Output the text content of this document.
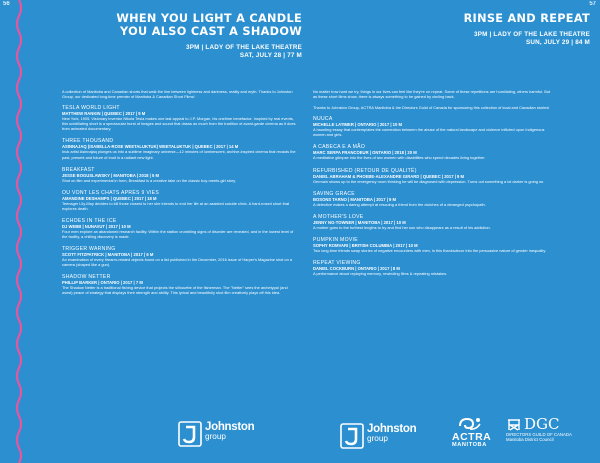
56	57
WHEN YOU LIGHT A CANDLE
YOU ALSO CAST A SHADOW
3PM | LADY OF THE LAKE THEATRE
SAT, JULY 28 | 77 M
RINSE AND REPEAT
3PM | LADY OF THE LAKE THEATRE
SUN, JULY 29 | 84 M

A collection of Manitoba and Canadian shorts that walk the line between lightness and darkness, reality and myth. Thanks to Johnston Group, our dedicated long-time premier of Manitoba & Canadian Short Films!

TESLA WORLD LIGHT
MATTHEW RANKIN | QUEBEC | 2017 | 9 M
New York, 1905. Visionary inventor Nikola Tesla makes one last appeal to J.P. Morgan, his onetime benefactor. Inspired by real events, this scintillating short is a spectacular burst of images and sound that draws as much from the tradition of avant-garde cinema as it does from animated documentary.
THREE THOUSAND
ASINNAJAQ (ISABELLA-ROSE WEETALUKTUK) WEETALUKTUK | QUEBEC | 2017 | 14 M
Inuk artist Asinnajaq plunges us into a sublime imaginary universe—12 minutes of luminescent, archive-inspired cinema that recasts the past, present and future of Inuit in a radiant new light.
BREAKFAST
JESSE BOGUSLAWSKY | MANITOBA | 2018 | 5 M
Shot on film and experimental in form, Breakfast is a creative take on the classic boy-meets-girl story.
OU VONT LES CHATS APRÈS 9 VIES
AMANDINE DESHAMPS | QUEBEC | 2017 | 18 M
Teenager Lily-May decides to kill those closest to her she intends to end her life at an assisted suicide clinic. A hard-nosed short that explores death.
ECHOES IN THE ICE
DJ WEBB | NUNAVUT | 2017 | 10 M
Four men explore an abandoned research facility. Within the station crumbling signs of disorder are revealed, and in the lowest level of the facility, a chilling discovery is made.
TRIGGER WARNING
SCOTT FITZPATRICK | MANITOBA | 2017 | 6 M
An examination of every firearm-related objects found on a list published in the December, 2016 issue of Harper's Magazine shot on a camera (shaped like a gun).
SHADOW NETTER
PHILLIP BARKER | ONTARIO | 2017 | 7 M
The Shadow Netter is a traditional fishing device that projects the silhouette of the fisherman. The "Netter" sees the archetypal (and worst) peace of strategy that displays their strength and ability. This lyrical and beautifully shot film creatively plays off this idea.

No matter how hard we try, things in our lives can feel like they're on repeat. Some of these repetitions are humiliating, others harmful. But as these short films show, there is always something to be gained by circling back.

Thanks to Johnston Group, ACTRA Manitoba & the Directors Guild of Canada for sponsoring this collection of local and Canadian stories!

NUUCA
MICHELLE LATIMER | ONTARIO | 2017 | 10 M
A haunting essay that contemplates the connection between the abuse of the natural landscape and violence inflicted upon Indigenous women and girls.
A CABECA E A MÃO
MARC SERPA FRANCOEUR | ONTARIO | 2018 | 20 M
A meditative glimpse into the lives of two women with disabilities who spend decades living together.
REFURBISHED (RETOUR DE QUALITÉ)
DANIEL ABRAHAM & PHOEBE-ALEXANDRE GIRARD | QUEBEC | 2017 | 9 M
Germain shows up to the emergency room thinking he will be diagnosed with depression. Turns out something a lot darker is going on.
SAVING GRACE
BOSONS TARNO | MANITOBA | 2017 | 9 M
A detective makes a daring attempt at rescuing a friend from the clutches of a deranged psychopath.
A MOTHER'S LOVE
JENNY NG-TOWNER | MANITOBA | 2017 | 10 M
A mother goes to the furthest lengths to try and find her son who disappears as a result of his addiction.
PUMPKIN MOVIE
SOPHY ROMVARI | BRITISH COLUMBIA | 2017 | 10 M
Two long-time friends swap stories of negative encounters with men, in this thanksdecor into the persuasive nature of gender inequality.
REPEAT VIEWING
DANIEL COCKBURN | ONTARIO | 2017 | 8 M
A performance about replaying memory, rewinding films & repeating mistakes.
Johnston
group
Johnston
group	ACTRA
MANITOBA
DGC
DIRECTORS GUILD OF CANADA
Manitoba District Council
